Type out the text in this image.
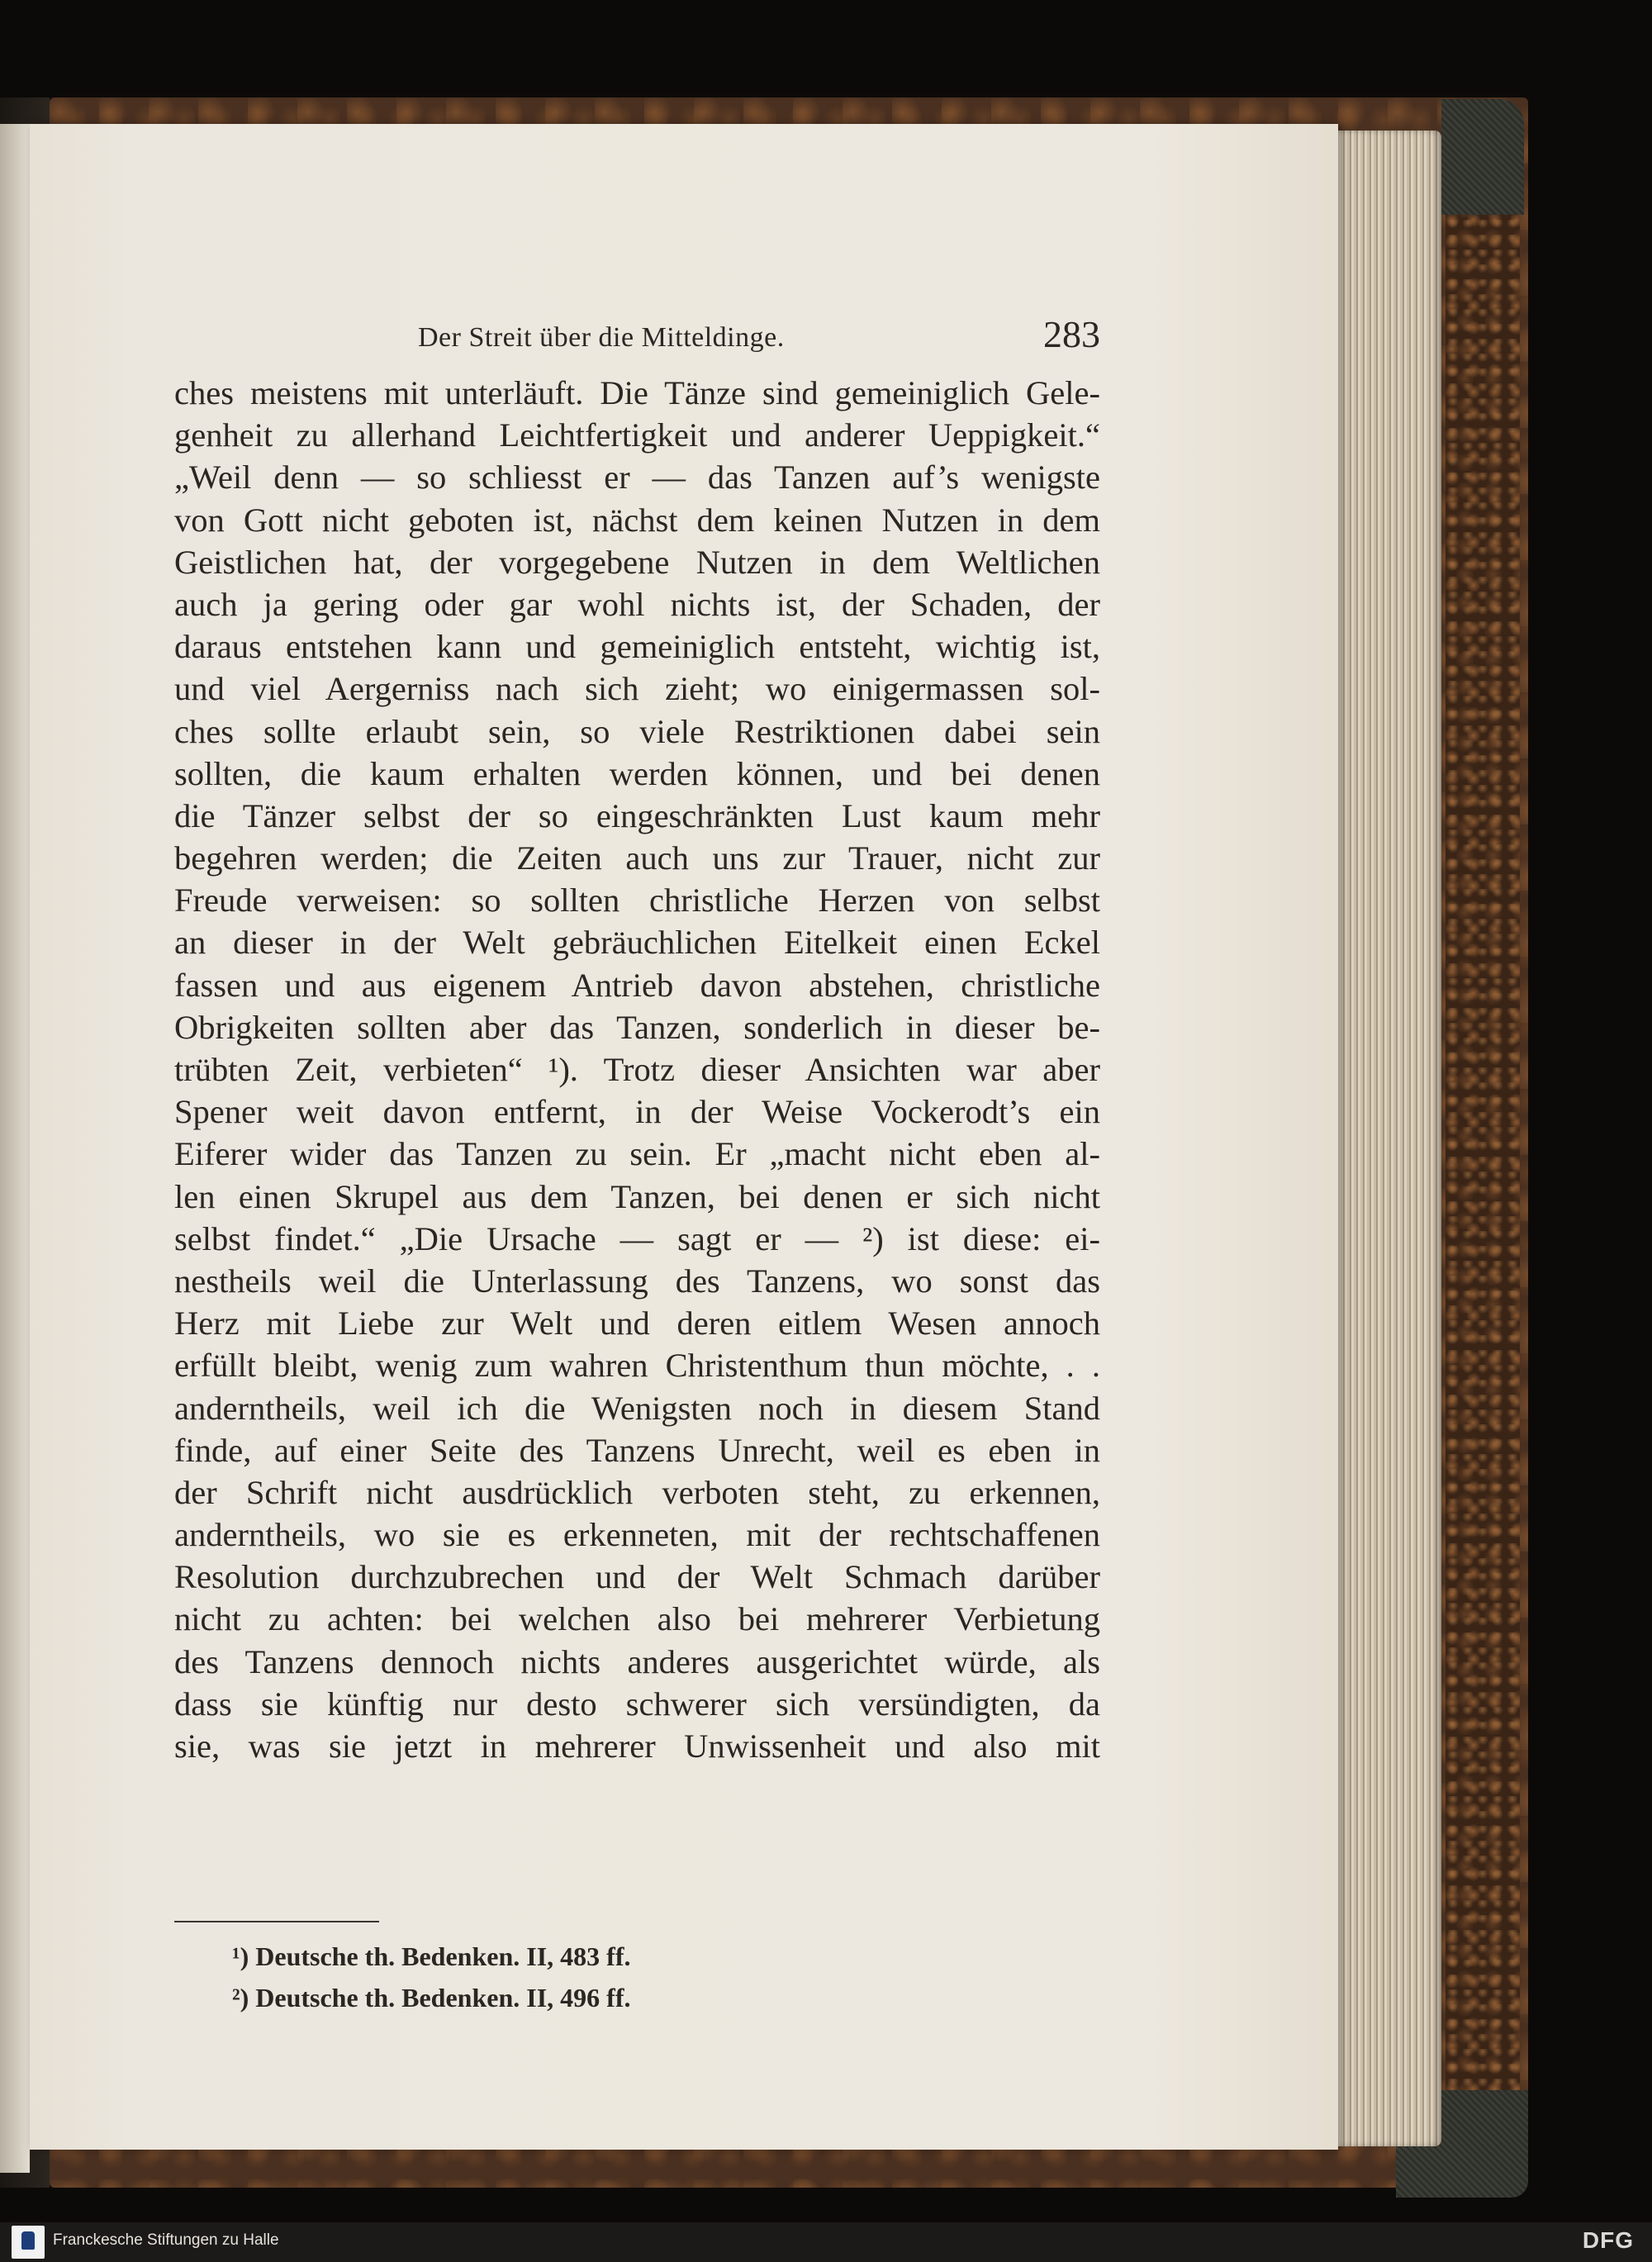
Der Streit über die Mitteldinge.	283
ches meistens mit unterläuft. Die Tänze sind gemeiniglich Gele-
genheit zu allerhand Leichtfertigkeit und anderer Ueppigkeit.“
„Weil denn — so schliesst er — das Tanzen auf’s wenigste
von Gott nicht geboten ist, nächst dem keinen Nutzen in dem
Geistlichen hat, der vorgegebene Nutzen in dem Weltlichen
auch ja gering oder gar wohl nichts ist, der Schaden, der
daraus entstehen kann und gemeiniglich entsteht, wichtig ist,
und viel Aergerniss nach sich zieht; wo einigermassen sol-
ches sollte erlaubt sein, so viele Restriktionen dabei sein
sollten, die kaum erhalten werden können, und bei denen
die Tänzer selbst der so eingeschränkten Lust kaum mehr
begehren werden; die Zeiten auch uns zur Trauer, nicht zur
Freude verweisen: so sollten christliche Herzen von selbst
an dieser in der Welt gebräuchlichen Eitelkeit einen Eckel
fassen und aus eigenem Antrieb davon abstehen, christliche
Obrigkeiten sollten aber das Tanzen, sonderlich in dieser be-
trübten Zeit, verbieten“ ¹). Trotz dieser Ansichten war aber
Spener weit davon entfernt, in der Weise Vockerodt’s ein
Eiferer wider das Tanzen zu sein. Er „macht nicht eben al-
len einen Skrupel aus dem Tanzen, bei denen er sich nicht
selbst findet.“ „Die Ursache — sagt er — ²) ist diese: ei-
nestheils weil die Unterlassung des Tanzens, wo sonst das
Herz mit Liebe zur Welt und deren eitlem Wesen annoch
erfüllt bleibt, wenig zum wahren Christenthum thun möchte, . .
anderntheils, weil ich die Wenigsten noch in diesem Stand
finde, auf einer Seite des Tanzens Unrecht, weil es eben in
der Schrift nicht ausdrücklich verboten steht, zu erkennen,
anderntheils, wo sie es erkenneten, mit der rechtschaffenen
Resolution durchzubrechen und der Welt Schmach darüber
nicht zu achten: bei welchen also bei mehrerer Verbietung
des Tanzens dennoch nichts anderes ausgerichtet würde, als
dass sie künftig nur desto schwerer sich versündigten, da
sie, was sie jetzt in mehrerer Unwissenheit und also mit
¹) Deutsche th. Bedenken. II, 483 ff.
²) Deutsche th. Bedenken. II, 496 ff.
Franckesche Stiftungen zu Halle	DFG
